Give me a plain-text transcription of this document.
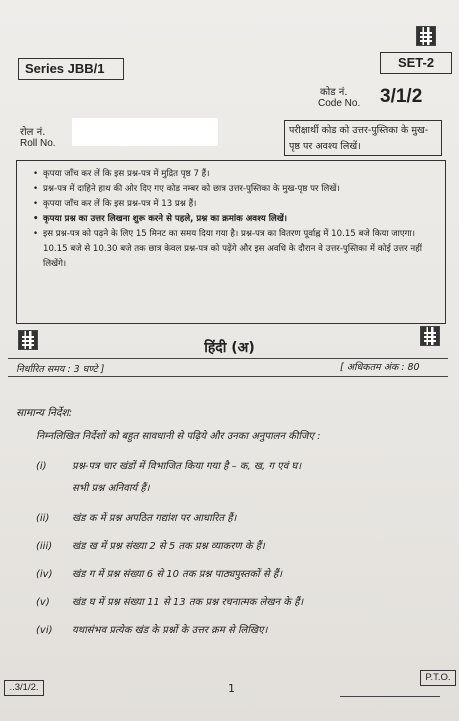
Series JBB/1	SET-2
कोड नं.
Code No. 3/1/2
रोल नं.
Roll No.
परीक्षार्थी कोड को उत्तर-पुस्तिका के मुख-पृष्ठ पर अवश्य लिखें।
• कृपया जाँच कर लें कि इस प्रश्न-पत्र में मुद्रित पृष्ठ 7 हैं।
• प्रश्न-पत्र में दाहिने हाथ की ओर दिए गए कोड नम्बर को छात्र उत्तर-पुस्तिका के मुख-पृष्ठ पर लिखें।
• कृपया जाँच कर लें कि इस प्रश्न-पत्र में 13 प्रश्न हैं।
• कृपया प्रश्न का उत्तर लिखना शुरू करने से पहले, प्रश्न का क्रमांक अवश्य लिखें।
• इस प्रश्न-पत्र को पढ़ने के लिए 15 मिनट का समय दिया गया है। प्रश्न-पत्र का वितरण पूर्वाह्न में 10.15 बजे किया जाएगा। 10.15 बजे से 10.30 बजे तक छात्र केवल प्रश्न-पत्र को पढ़ेंगे और इस अवधि के दौरान वे उत्तर-पुस्तिका में कोई उत्तर नहीं लिखेंगे।
हिंदी (अ)
निर्धारित समय : 3 घण्टे ]	[ अधिकतम अंक : 80
सामान्य निर्देश:
निम्नलिखित निर्देशों को बहुत सावधानी से पढ़िये और उनका अनुपालन कीजिए :
(i)	प्रश्न-पत्र चार खंडों में विभाजित किया गया है – क, ख, ग एवं घ।
सभी प्रश्न अनिवार्य हैं।
(ii) खंड क में प्रश्न अपठित गद्यांश पर आधारित हैं।
(iii) खंड ख में प्रश्न संख्या 2 से 5 तक प्रश्न व्याकरण के हैं।
(iv) खंड ग में प्रश्न संख्या 6 से 10 तक प्रश्न पाठ्यपुस्तकों से हैं।
(v) खंड घ में प्रश्न संख्या 11 से 13 तक प्रश्न रचनात्मक लेखन के हैं।
(vi) यथासंभव प्रत्येक खंड के प्रश्नों के उत्तर क्रम से लिखिए।
..3/1/2.	1
P.T.O.
